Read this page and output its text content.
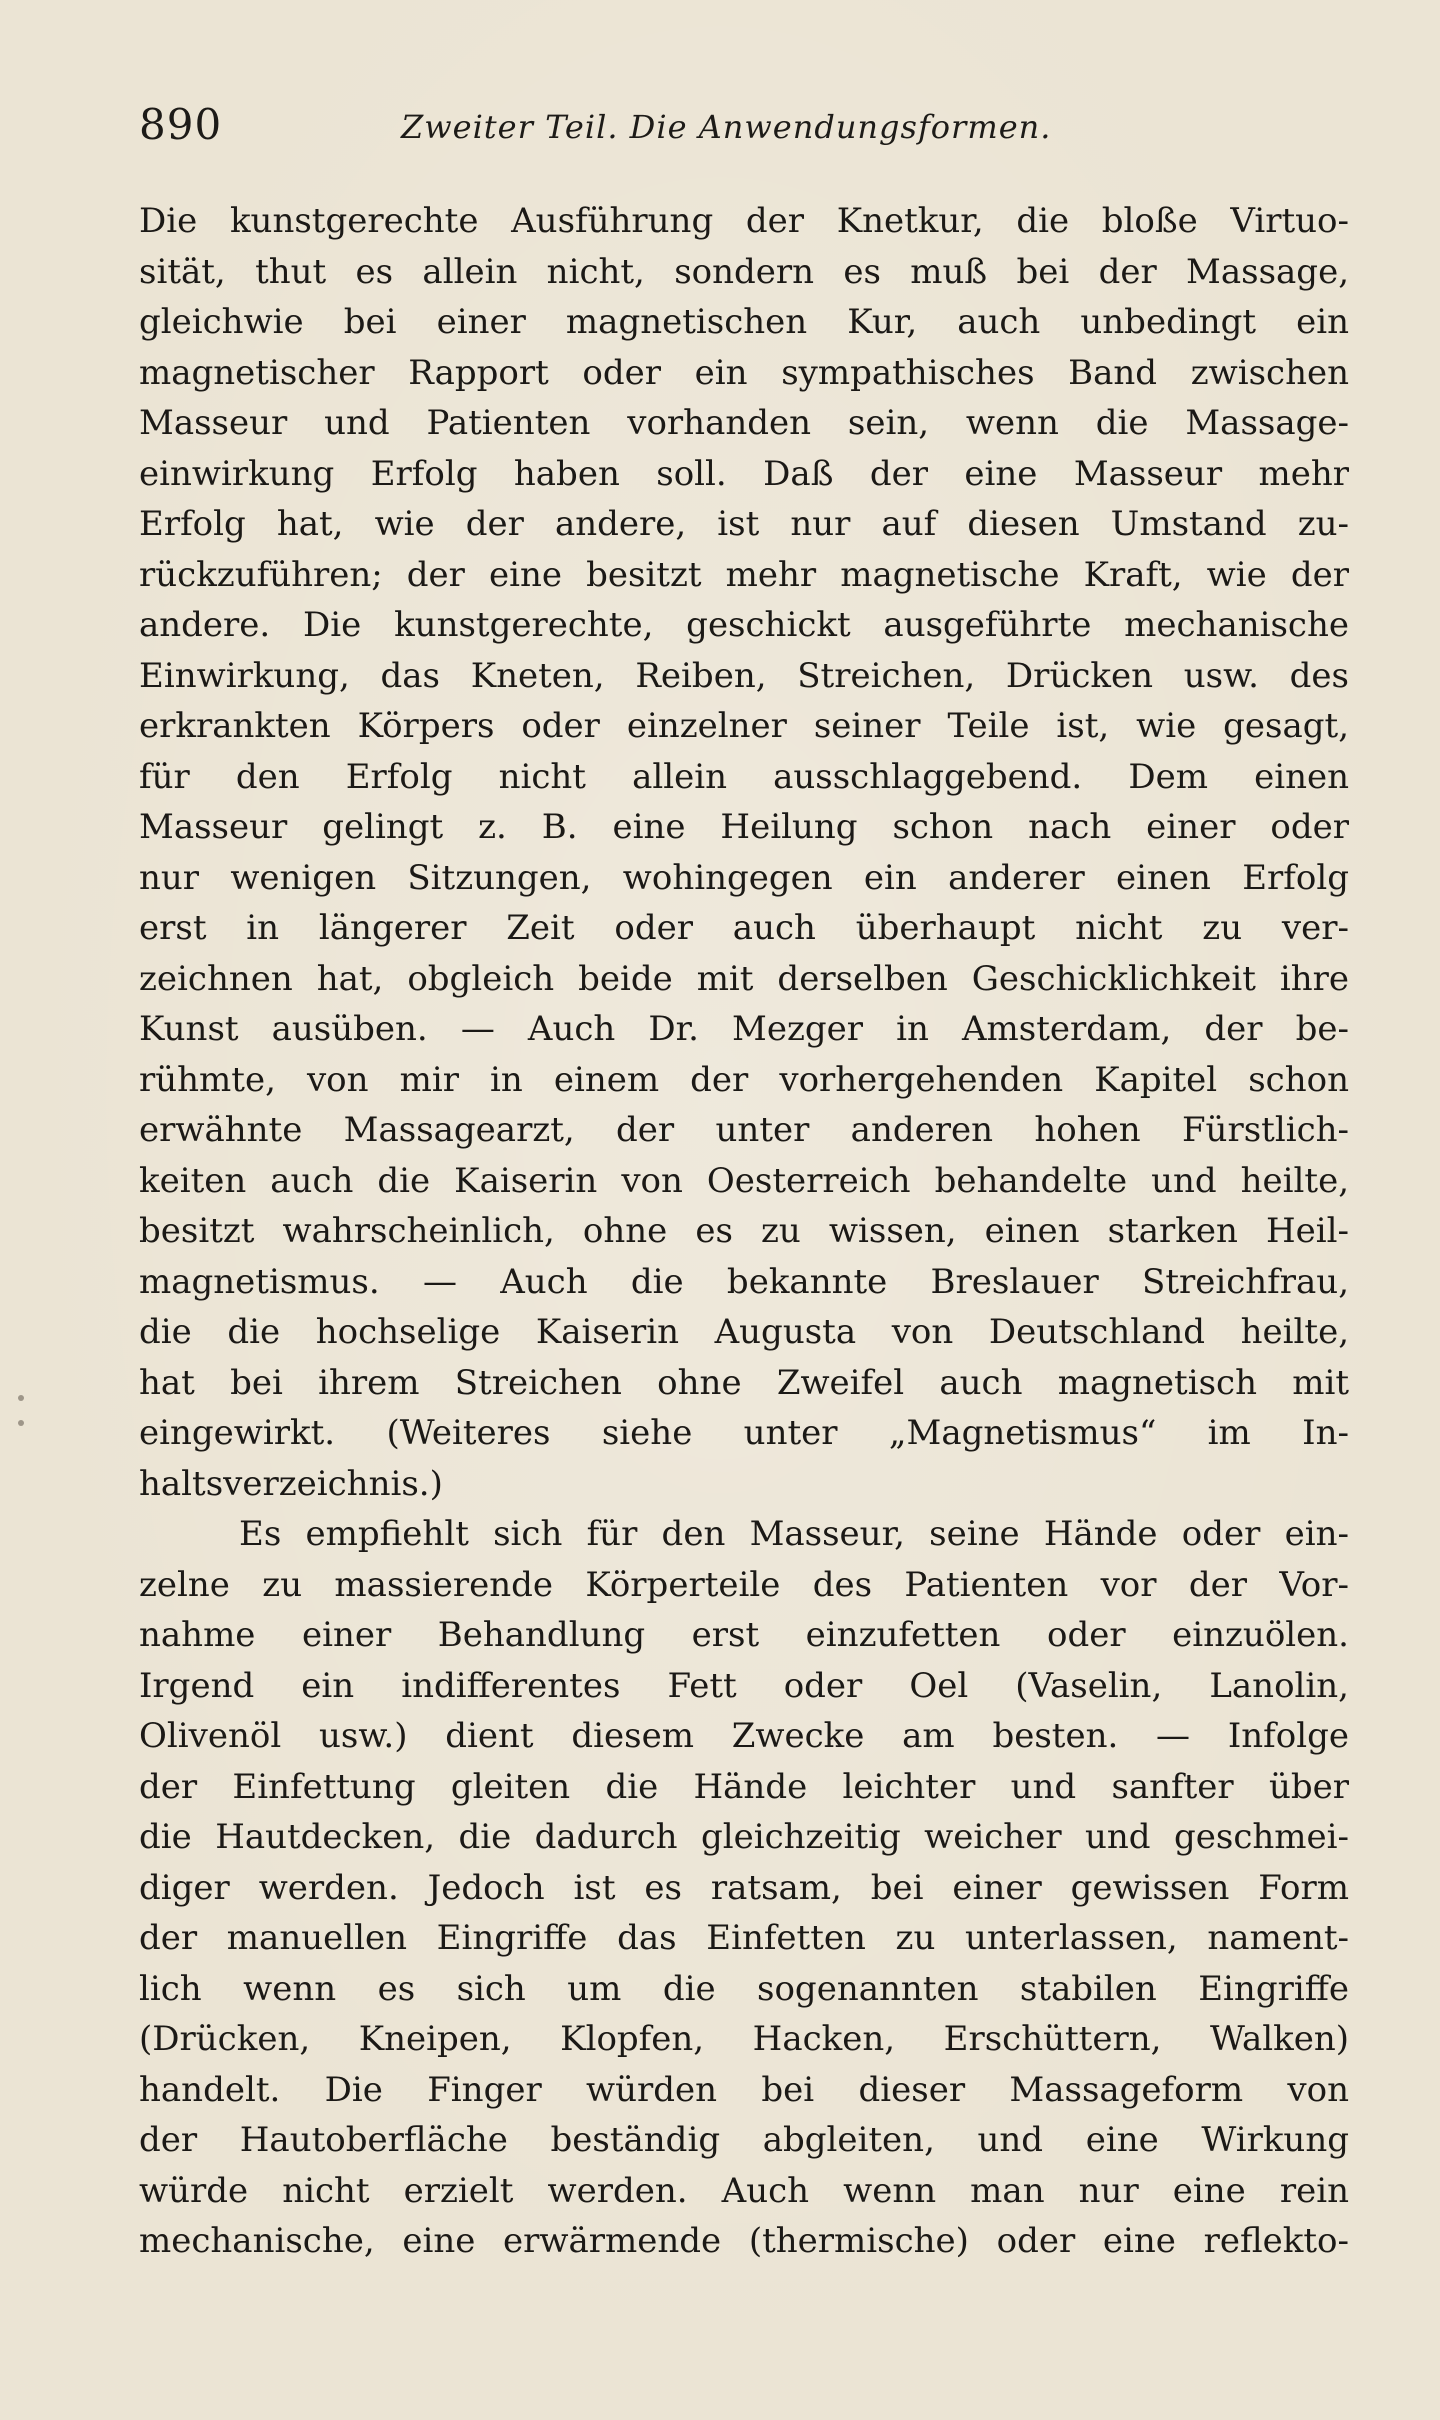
890	Zweiter Teil. Die Anwendungsformen.
Die kunstgerechte Ausführung der Knetkur, die bloße Virtuo-
sität, thut es allein nicht, sondern es muß bei der Massage,
gleichwie bei einer magnetischen Kur, auch unbedingt ein
magnetischer Rapport oder ein sympathisches Band zwischen
Masseur und Patienten vorhanden sein, wenn die Massage-
einwirkung Erfolg haben soll. Daß der eine Masseur mehr
Erfolg hat, wie der andere, ist nur auf diesen Umstand zu-
rückzuführen; der eine besitzt mehr magnetische Kraft, wie der
andere. Die kunstgerechte, geschickt ausgeführte mechanische
Einwirkung, das Kneten, Reiben, Streichen, Drücken usw. des
erkrankten Körpers oder einzelner seiner Teile ist, wie gesagt,
für den Erfolg nicht allein ausschlaggebend. Dem einen
Masseur gelingt z. B. eine Heilung schon nach einer oder
nur wenigen Sitzungen, wohingegen ein anderer einen Erfolg
erst in längerer Zeit oder auch überhaupt nicht zu ver-
zeichnen hat, obgleich beide mit derselben Geschicklichkeit ihre
Kunst ausüben. — Auch Dr. Mezger in Amsterdam, der be-
rühmte, von mir in einem der vorhergehenden Kapitel schon
erwähnte Massagearzt, der unter anderen hohen Fürstlich-
keiten auch die Kaiserin von Oesterreich behandelte und heilte,
besitzt wahrscheinlich, ohne es zu wissen, einen starken Heil-
magnetismus. — Auch die bekannte Breslauer Streichfrau,
die die hochselige Kaiserin Augusta von Deutschland heilte,
hat bei ihrem Streichen ohne Zweifel auch magnetisch mit
eingewirkt. (Weiteres siehe unter „Magnetismus“ im In-
haltsverzeichnis.)
Es empfiehlt sich für den Masseur, seine Hände oder ein-
zelne zu massierende Körperteile des Patienten vor der Vor-
nahme einer Behandlung erst einzufetten oder einzuölen.
Irgend ein indifferentes Fett oder Oel (Vaselin, Lanolin,
Olivenöl usw.) dient diesem Zwecke am besten. — Infolge
der Einfettung gleiten die Hände leichter und sanfter über
die Hautdecken, die dadurch gleichzeitig weicher und geschmei-
diger werden. Jedoch ist es ratsam, bei einer gewissen Form
der manuellen Eingriffe das Einfetten zu unterlassen, nament-
lich wenn es sich um die sogenannten stabilen Eingriffe
(Drücken, Kneipen, Klopfen, Hacken, Erschüttern, Walken)
handelt. Die Finger würden bei dieser Massageform von
der Hautoberfläche beständig abgleiten, und eine Wirkung
würde nicht erzielt werden. Auch wenn man nur eine rein
mechanische, eine erwärmende (thermische) oder eine reflekto-
